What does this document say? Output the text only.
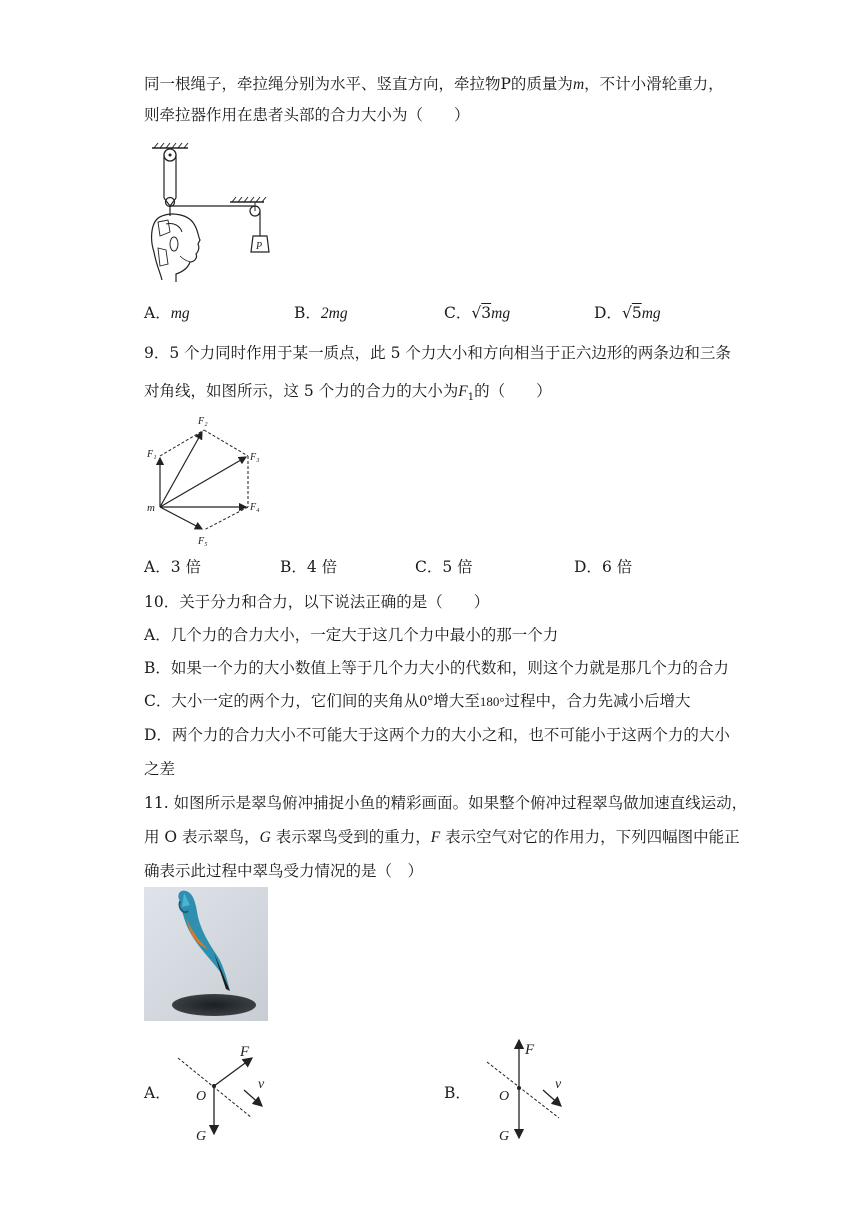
同一根绳子，牵拉绳分别为水平、竖直方向，牵拉物P的质量为m，不计小滑轮重力，
则牵拉器作用在患者头部的合力大小为（　　）
P
A．mg	B．2mg	C．√3mg	D．√5mg
9．5 个力同时作用于某一质点，此 5 个力大小和方向相当于正六边形的两条边和三条
对角线，如图所示，这 5 个力的合力的大小为$F_1$的（　　）
F₁
F₂
F₃
F₄
F₅
m
A．3 倍	B．4 倍	C．5 倍	D．6 倍
10．关于分力和合力，以下说法正确的是（　　）
A．几个力的合力大小，一定大于这几个力中最小的那一个力
B．如果一个力的大小数值上等于几个力大小的代数和，则这个力就是那几个力的合力
C．大小一定的两个力，它们间的夹角从0°增大至180°过程中，合力先减小后增大
D．两个力的合力大小不可能大于这两个力的大小之和，也不可能小于这两个力的大小
之差
11. 如图所示是翠鸟俯冲捕捉小鱼的精彩画面。如果整个俯冲过程翠鸟做加速直线运动，
用 O 表示翠鸟，G 表示翠鸟受到的重力，F 表示空气对它的作用力，下列四幅图中能正
确表示此过程中翠鸟受力情况的是（　）
A．
F
v
O
G
B．
F
v
O
G
